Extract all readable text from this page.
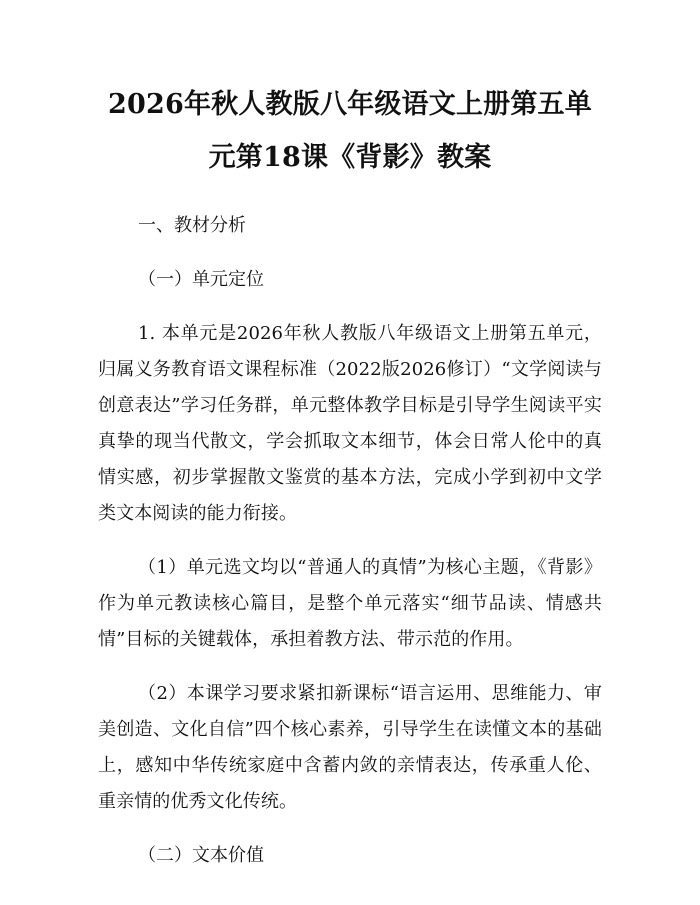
2026年秋人教版八年级语文上册第五单元第18课《背影》教案
一、教材分析
（一）单元定位

1. 本单元是2026年秋人教版八年级语文上册第五单元，归属义务教育语文课程标准（2022版2026修订）“文学阅读与创意表达”学习任务群，单元整体教学目标是引导学生阅读平实真挚的现当代散文，学会抓取文本细节，体会日常人伦中的真情实感，初步掌握散文鉴赏的基本方法，完成小学到初中文学类文本阅读的能力衔接。

（1）单元选文均以“普通人的真情”为核心主题，《背影》作为单元教读核心篇目，是整个单元落实“细节品读、情感共情”目标的关键载体，承担着教方法、带示范的作用。

（2）本课学习要求紧扣新课标“语言运用、思维能力、审美创造、文化自信”四个核心素养，引导学生在读懂文本的基础上，感知中华传统家庭中含蓄内敛的亲情表达，传承重人伦、重亲情的优秀文化传统。

（二）文本价值
